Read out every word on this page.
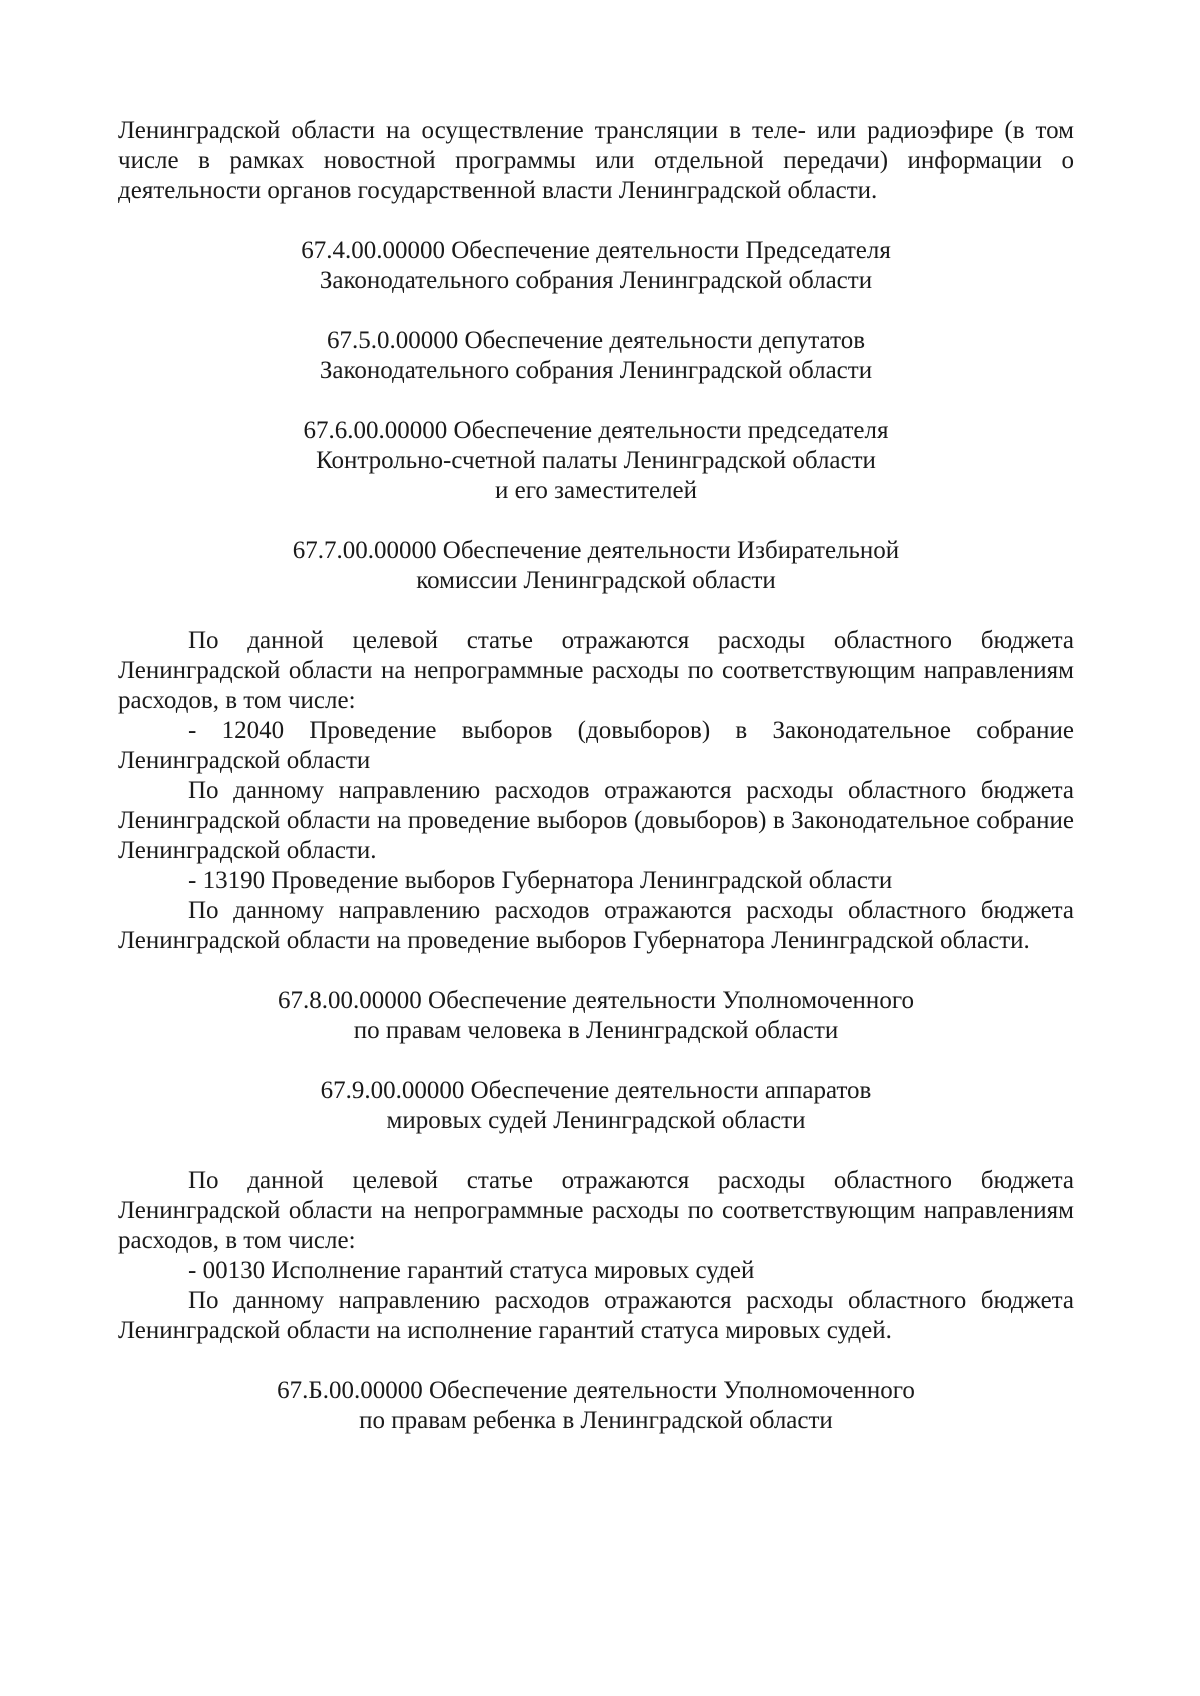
Ленинградской области на осуществление трансляции в теле- или радиоэфире (в том числе в рамках новостной программы или отдельной передачи) информации о деятельности органов государственной власти Ленинградской области.

67.4.00.00000 Обеспечение деятельности Председателя
Законодательного собрания Ленинградской области
67.5.0.00000 Обеспечение деятельности депутатов
Законодательного собрания Ленинградской области
67.6.00.00000 Обеспечение деятельности председателя
Контрольно-счетной палаты Ленинградской области
и его заместителей
67.7.00.00000 Обеспечение деятельности Избирательной
комиссии Ленинградской области

По данной целевой статье отражаются расходы областного бюджета Ленинградской области на непрограммные расходы по соответствующим направлениям расходов, в том числе:

- 12040 Проведение выборов (довыборов) в Законодательное собрание Ленинградской области

По данному направлению расходов отражаются расходы областного бюджета Ленинградской области на проведение выборов (довыборов) в Законодательное собрание Ленинградской области.

- 13190 Проведение выборов Губернатора Ленинградской области

По данному направлению расходов отражаются расходы областного бюджета Ленинградской области на проведение выборов Губернатора Ленинградской области.

67.8.00.00000 Обеспечение деятельности Уполномоченного
по правам человека в Ленинградской области
67.9.00.00000 Обеспечение деятельности аппаратов
мировых судей Ленинградской области

По данной целевой статье отражаются расходы областного бюджета Ленинградской области на непрограммные расходы по соответствующим направлениям расходов, в том числе:

- 00130 Исполнение гарантий статуса мировых судей

По данному направлению расходов отражаются расходы областного бюджета Ленинградской области на исполнение гарантий статуса мировых судей.

67.Б.00.00000 Обеспечение деятельности Уполномоченного
по правам ребенка в Ленинградской области
